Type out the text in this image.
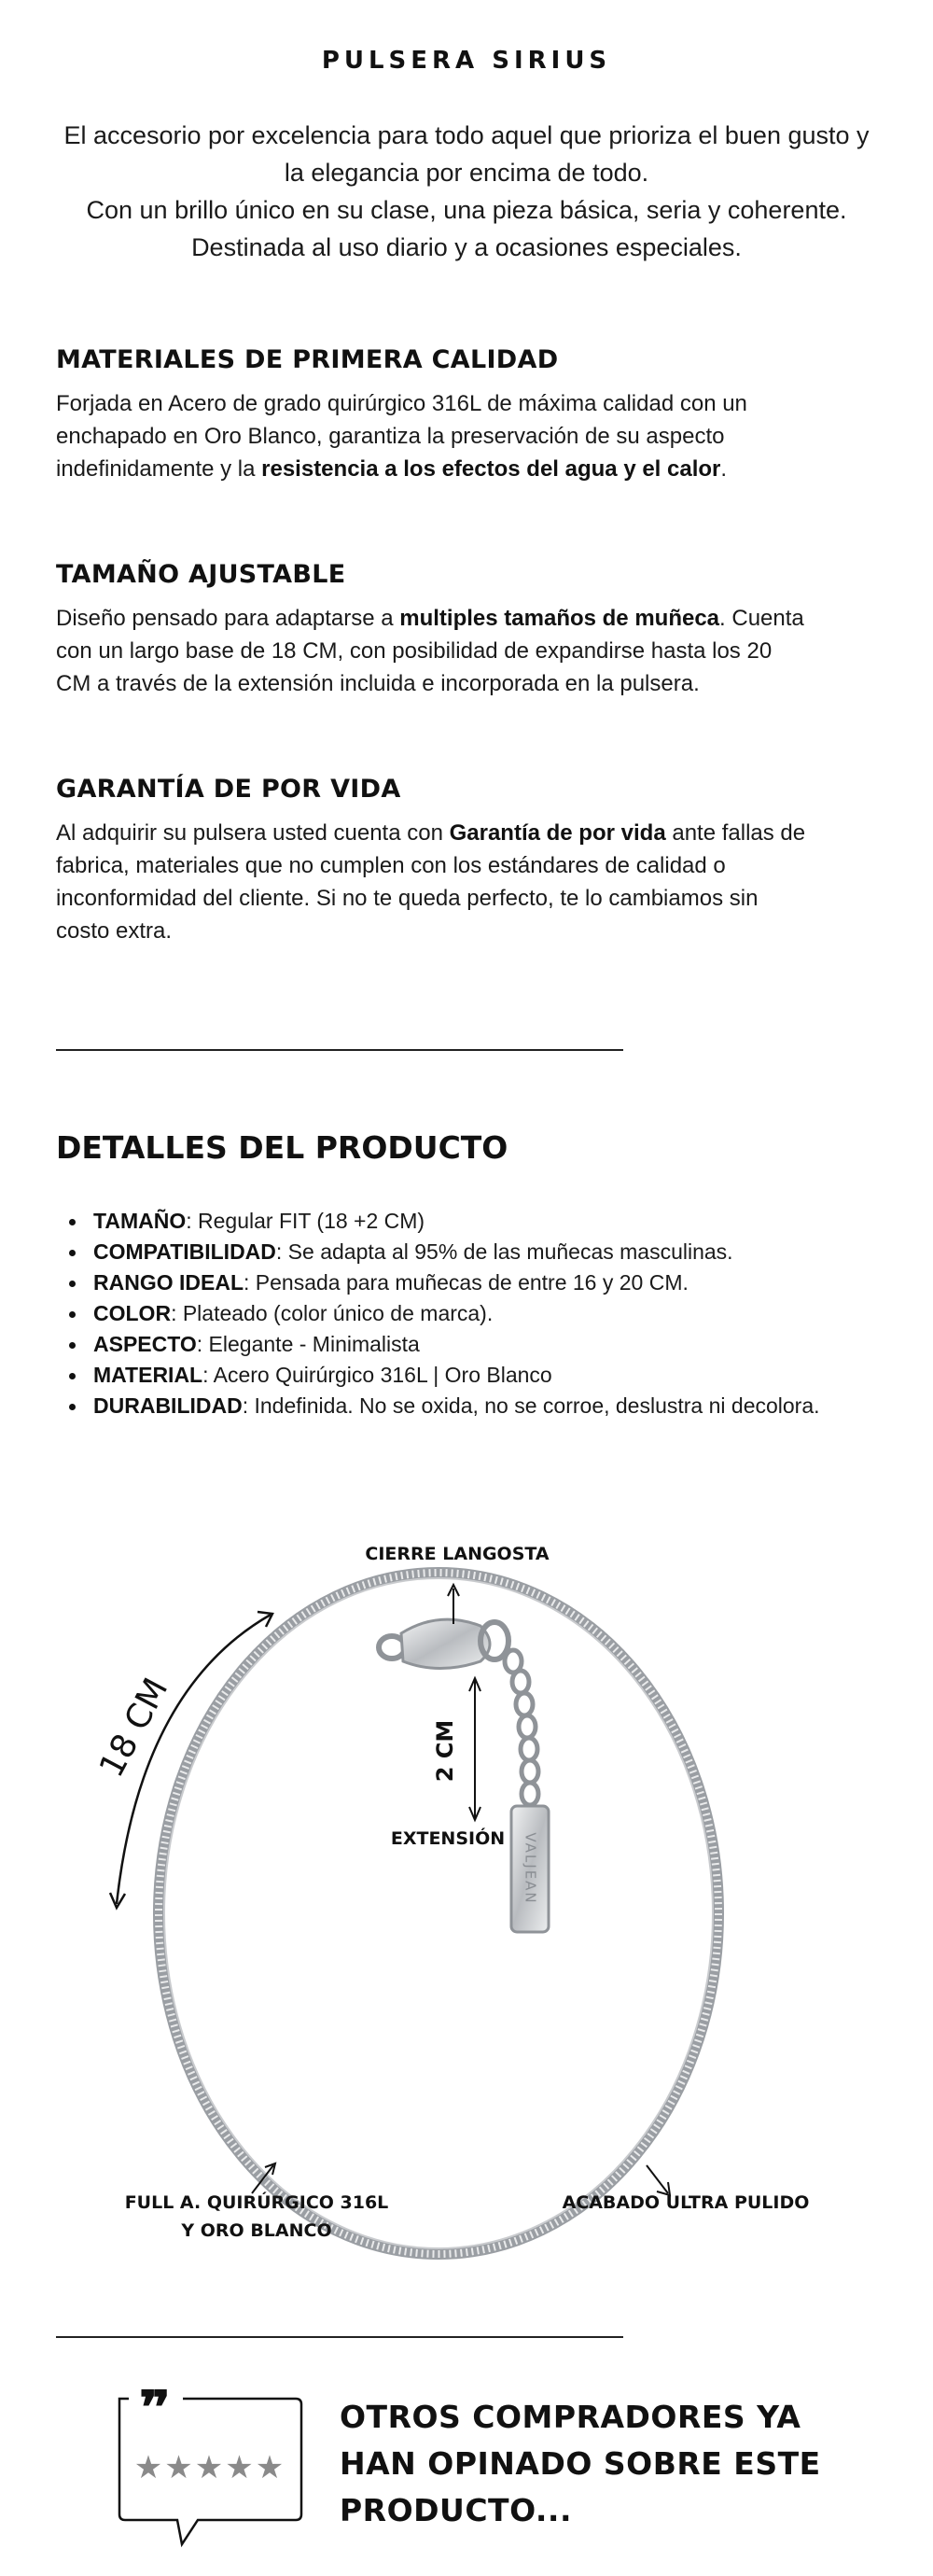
PULSERA SIRIUS

El accesorio por excelencia para todo aquel que prioriza el buen gusto y la elegancia por encima de todo.

Con un brillo único en su clase, una pieza básica, seria y coherente. Destinada al uso diario y a ocasiones especiales.

MATERIALES DE PRIMERA CALIDAD
Forjada en Acero de grado quirúrgico 316L de máxima calidad con un enchapado en Oro Blanco, garantiza la preservación de su aspecto indefinidamente y la resistencia a los efectos del agua y el calor.
TAMAÑO AJUSTABLE
Diseño pensado para adaptarse a multiples tamaños de muñeca. Cuenta con un largo base de 18 CM, con posibilidad de expandirse hasta los 20 CM a través de la extensión incluida e incorporada en la pulsera.
GARANTÍA DE POR VIDA
Al adquirir su pulsera usted cuenta con Garantía de por vida ante fallas de fabrica, materiales que no cumplen con los estándares de calidad o inconformidad del cliente. Si no te queda perfecto, te lo cambiamos sin costo extra.
DETALLES DEL PRODUCTO
TAMAÑO: Regular FIT (18 +2 CM)
COMPATIBILIDAD: Se adapta al 95% de las muñecas masculinas.
RANGO IDEAL: Pensada para muñecas de entre 16 y 20 CM.
COLOR: Plateado (color único de marca).
ASPECTO: Elegante - Minimalista
MATERIAL: Acero Quirúrgico 316L | Oro Blanco
DURABILIDAD: Indefinida. No se oxida, no se corroe, deslustra ni decolora.
VALJEAN
18 CM	2 CM
CIERRE LANGOSTA
EXTENSIÓN
FULL A. QUIRÚRGICO 316L
Y ORO BLANCO
ACABADO ULTRA PULIDO
❞
★★★★★
OTROS COMPRADORES YA HAN OPINADO SOBRE ESTE PRODUCTO...
